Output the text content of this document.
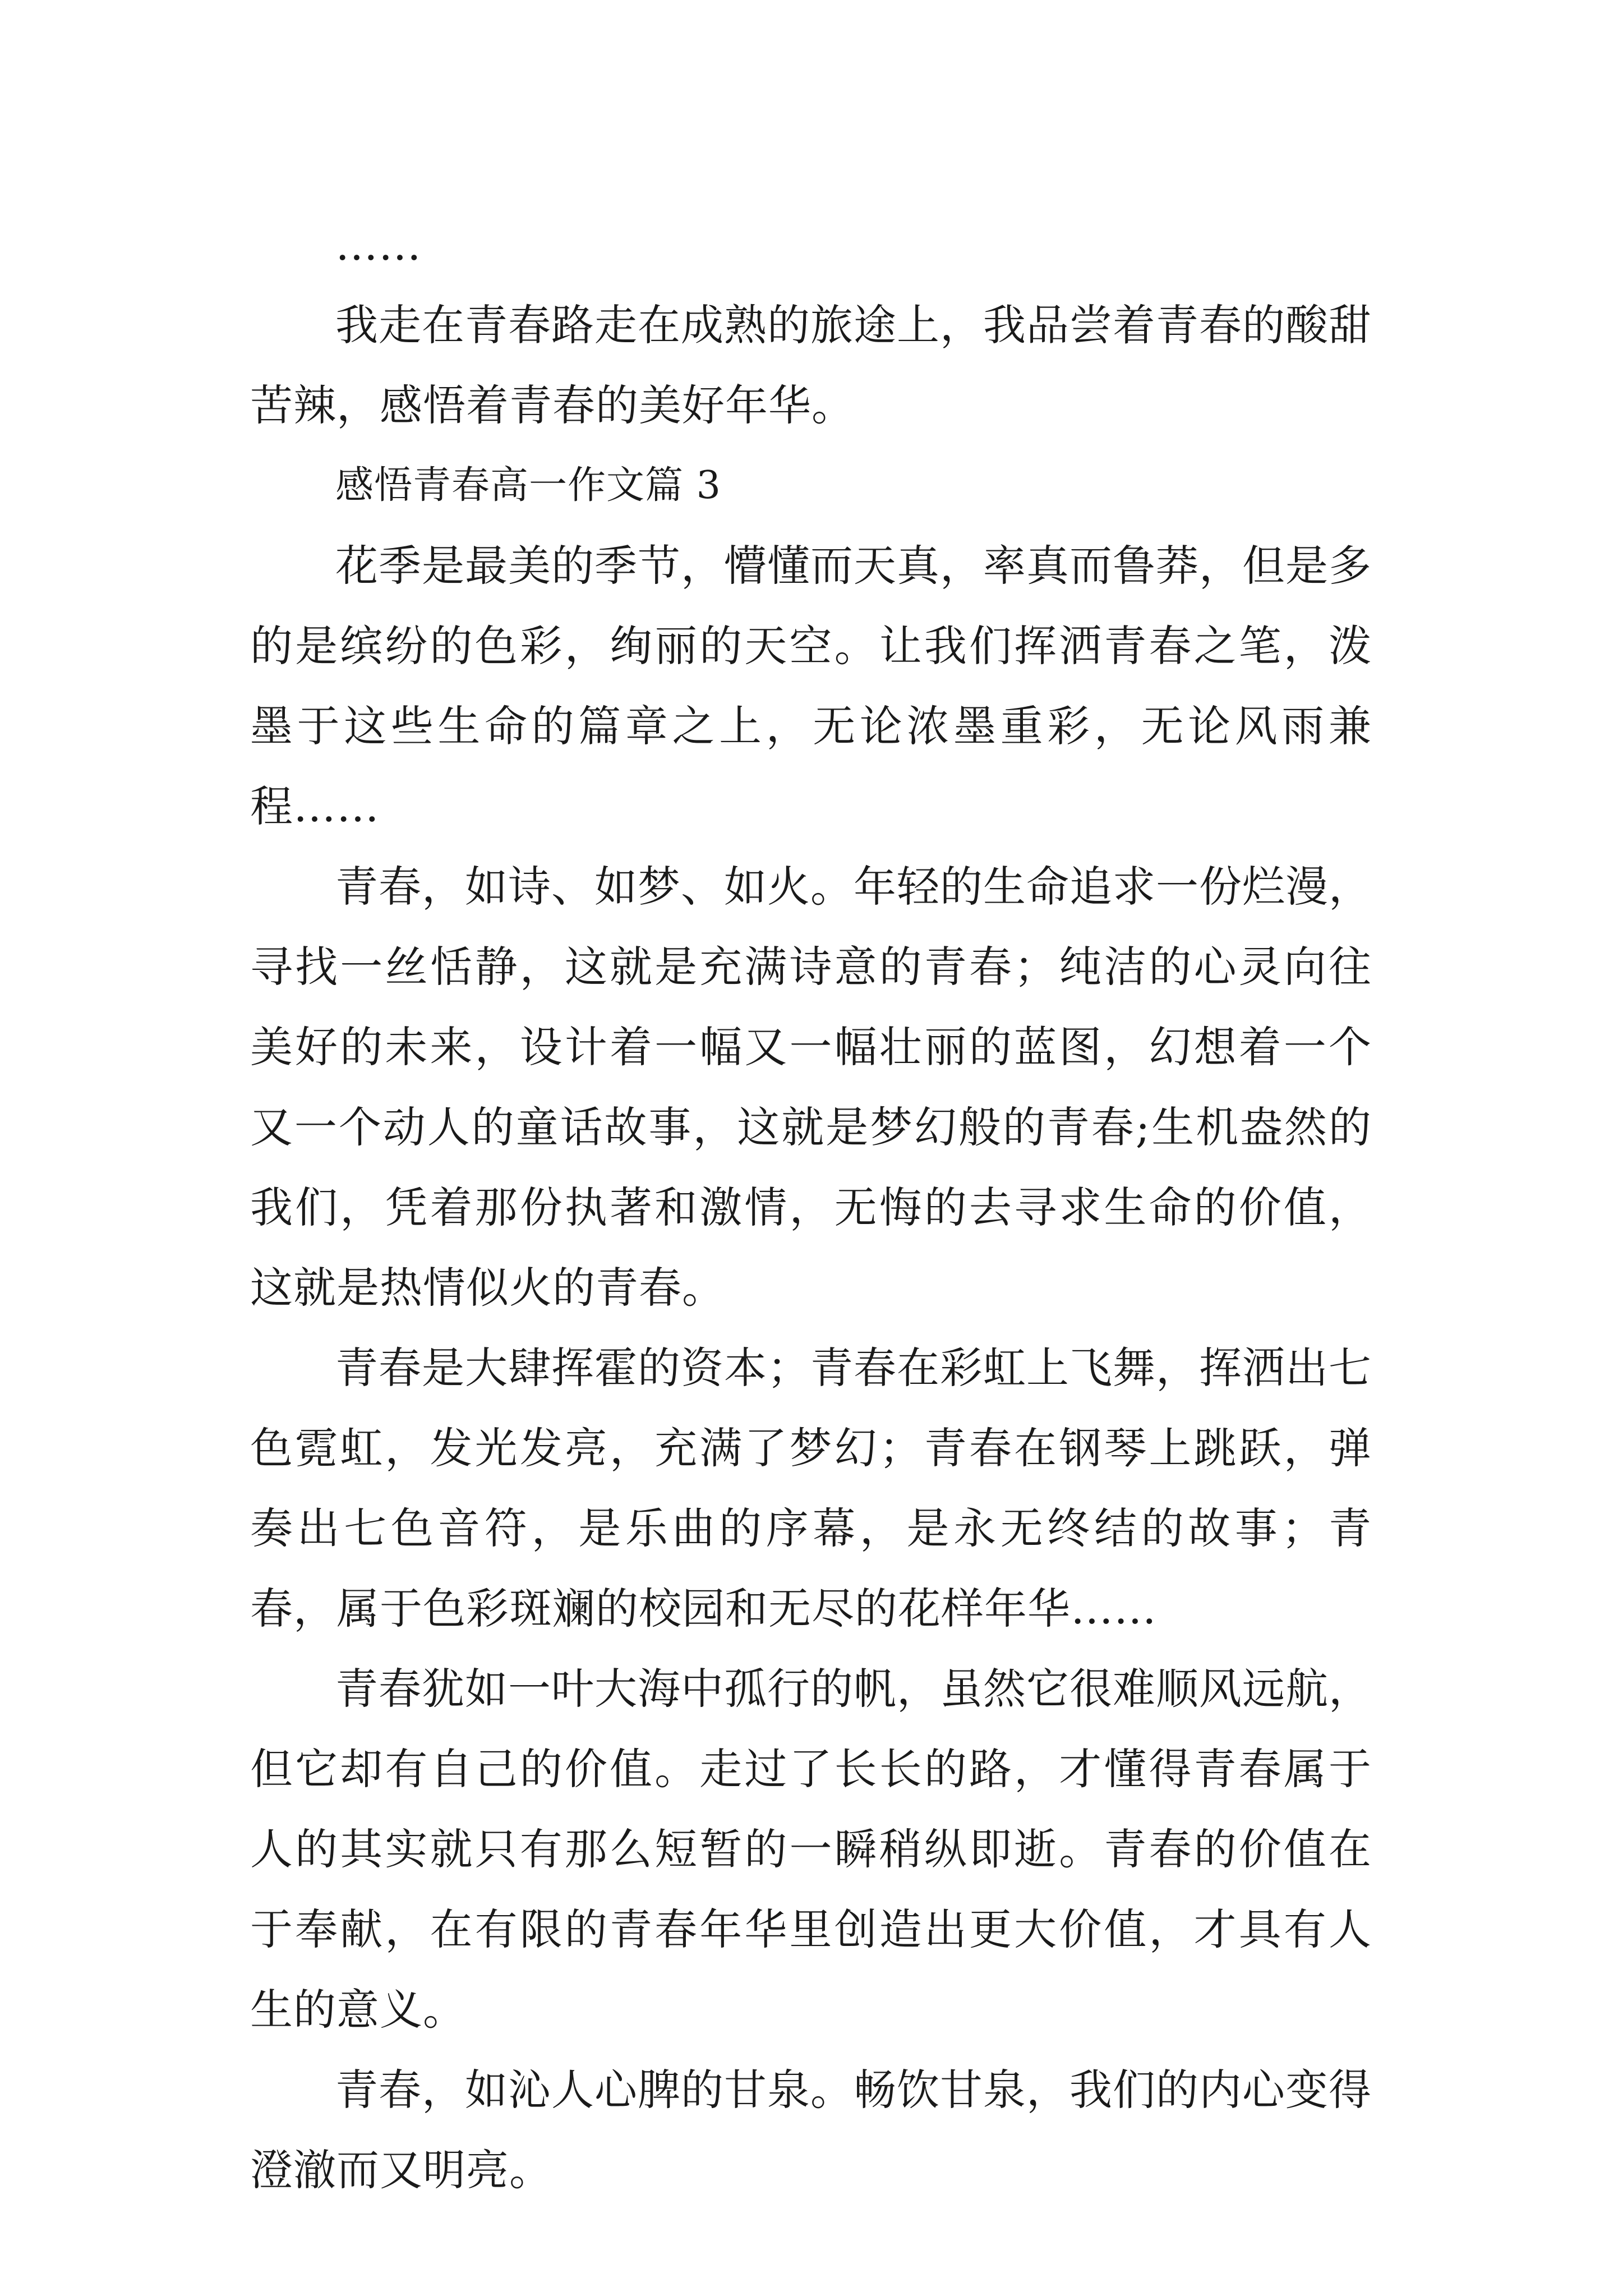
……

我走在青春路走在成熟的旅途上，我品尝着青春的酸甜苦辣，感悟着青春的美好年华。

感悟青春高一作文篇 3

花季是最美的季节，懵懂而天真，率真而鲁莽，但是多的是缤纷的色彩，绚丽的天空。让我们挥洒青春之笔，泼墨于这些生命的篇章之上，无论浓墨重彩，无论风雨兼程……

青春，如诗、如梦、如火。年轻的生命追求一份烂漫，寻找一丝恬静，这就是充满诗意的青春；纯洁的心灵向往美好的未来，设计着一幅又一幅壮丽的蓝图，幻想着一个又一个动人的童话故事，这就是梦幻般的青春;生机盎然的我们，凭着那份执著和激情，无悔的去寻求生命的价值，这就是热情似火的青春。

青春是大肆挥霍的资本；青春在彩虹上飞舞，挥洒出七色霓虹，发光发亮，充满了梦幻；青春在钢琴上跳跃，弹奏出七色音符，是乐曲的序幕，是永无终结的故事；青春，属于色彩斑斓的校园和无尽的花样年华……

青春犹如一叶大海中孤行的帆，虽然它很难顺风远航，但它却有自己的价值。走过了长长的路，才懂得青春属于人的其实就只有那么短暂的一瞬稍纵即逝。青春的价值在于奉献，在有限的青春年华里创造出更大价值，才具有人生的意义。

青春，如沁人心脾的甘泉。畅饮甘泉，我们的内心变得澄澈而又明亮。
